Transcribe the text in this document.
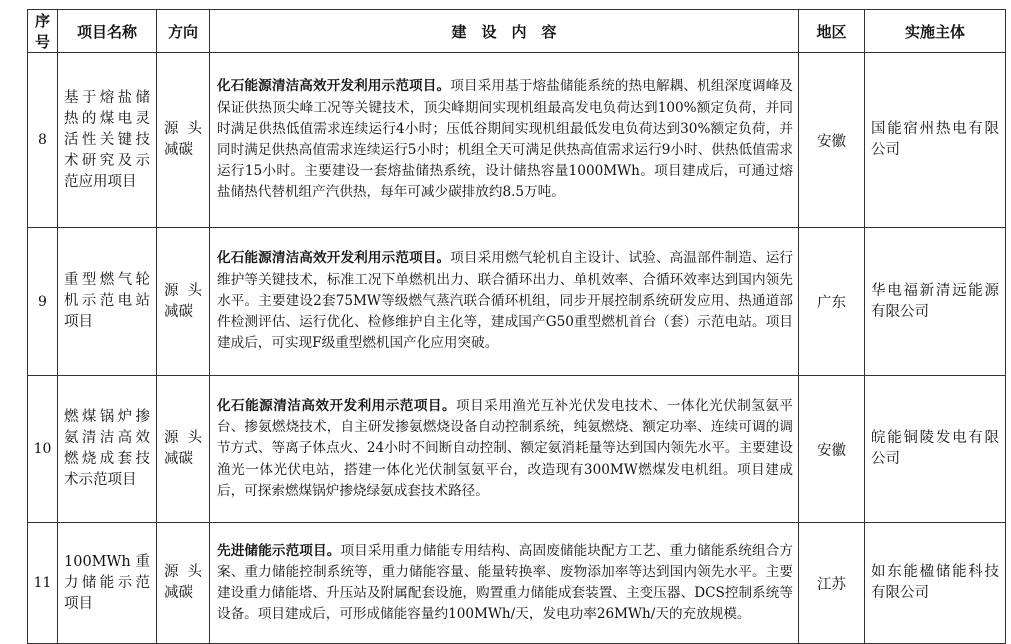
序号	项目名称	方向	建　设　内　容	地区	实施主体
8	基于熔盐储热的煤电灵活性关键技术研究及示范应用项目	源头减碳	化石能源清洁高效开发利用示范项目。项目采用基于熔盐储能系统的热电解耦、机组深度调峰及保证供热顶尖峰工况等关键技术，顶尖峰期间实现机组最高发电负荷达到100%额定负荷，并同时满足供热低值需求连续运行4小时；压低谷期间实现机组最低发电负荷达到30%额定负荷，并同时满足供热高值需求连续运行5小时；机组全天可满足供热高值需求运行9小时、供热低值需求运行15小时。主要建设一套熔盐储热系统，设计储热容量1000MWh。项目建成后，可通过熔盐储热代替机组产汽供热，每年可减少碳排放约8.5万吨。	安徽	国能宿州热电有限公司
9	重型燃气轮机示范电站项目	源头减碳	化石能源清洁高效开发利用示范项目。项目采用燃气轮机自主设计、试验、高温部件制造、运行维护等关键技术，标准工况下单燃机出力、联合循环出力、单机效率、合循环效率达到国内领先水平。主要建设2套75MW等级燃气蒸汽联合循环机组，同步开展控制系统研发应用、热通道部件检测评估、运行优化、检修维护自主化等，建成国产G50重型燃机首台（套）示范电站。项目建成后，可实现F级重型燃机国产化应用突破。	广东	华电福新清远能源有限公司
10	燃煤锅炉掺氨清洁高效燃烧成套技术示范项目	源头减碳	化石能源清洁高效开发利用示范项目。项目采用渔光互补光伏发电技术、一体化光伏制氢氨平台、掺氨燃烧技术，自主研发掺氨燃烧设备自动控制系统，纯氨燃烧、额定功率、连续可调的调节方式、等离子体点火、24小时不间断自动控制、额定氨消耗量等达到国内领先水平。主要建设渔光一体光伏电站，搭建一体化光伏制氢氨平台，改造现有300MW燃煤发电机组。项目建成后，可探索燃煤锅炉掺烧绿氨成套技术路径。	安徽	皖能铜陵发电有限公司
11	100MWh 重力储能示范项目	源头减碳	先进储能示范项目。项目采用重力储能专用结构、高固废储能块配方工艺、重力储能系统组合方案、重力储能控制系统等，重力储能容量、能量转换率、废物添加率等达到国内领先水平。主要建设重力储能塔、升压站及附属配套设施，购置重力储能成套装置、主变压器、DCS控制系统等设备。项目建成后，可形成储能容量约100MWh/天，发电功率26MWh/天的充放规模。	江苏	如东能楹储能科技有限公司
